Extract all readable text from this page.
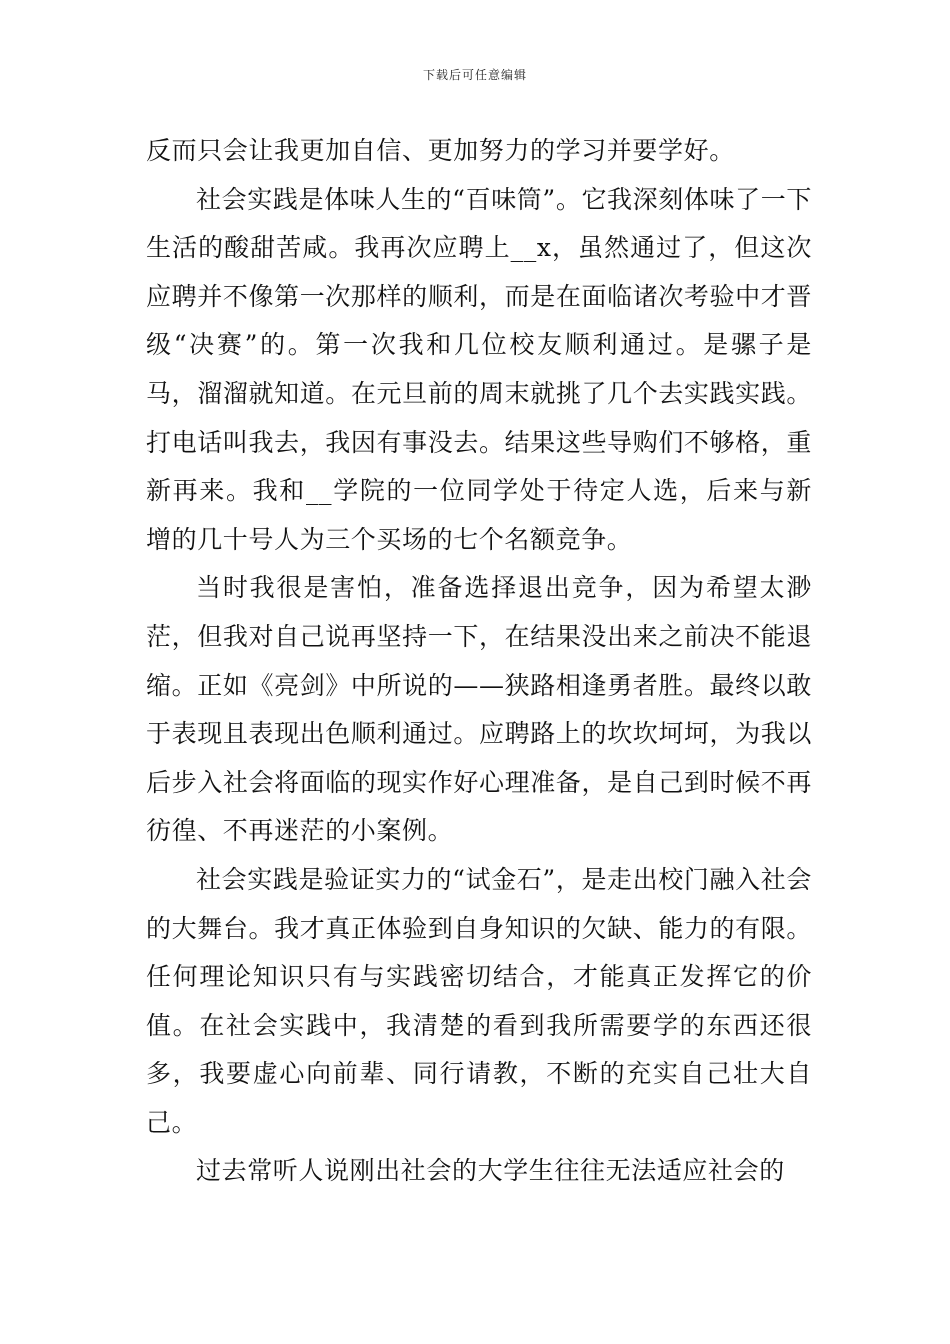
下载后可任意编辑

反而只会让我更加自信、更加努力的学习并要学好。

社会实践是体味人生的“百味筒”。它我深刻体味了一下生活的酸甜苦咸。我再次应聘上__x，虽然通过了，但这次应聘并不像第一次那样的顺利，而是在面临诸次考验中才晋级“决赛”的。第一次我和几位校友顺利通过。是骡子是马，溜溜就知道。在元旦前的周末就挑了几个去实践实践。打电话叫我去，我因有事没去。结果这些导购们不够格，重新再来。我和__学院的一位同学处于待定人选，后来与新增的几十号人为三个买场的七个名额竞争。

当时我很是害怕，准备选择退出竞争，因为希望太渺茫，但我对自己说再坚持一下，在结果没出来之前决不能退缩。正如《亮剑》中所说的——狭路相逢勇者胜。最终以敢于表现且表现出色顺利通过。应聘路上的坎坎坷坷，为我以后步入社会将面临的现实作好心理准备，是自己到时候不再彷徨、不再迷茫的小案例。

社会实践是验证实力的“试金石”，是走出校门融入社会的大舞台。我才真正体验到自身知识的欠缺、能力的有限。任何理论知识只有与实践密切结合，才能真正发挥它的价值。在社会实践中，我清楚的看到我所需要学的东西还很多，我要虚心向前辈、同行请教，不断的充实自己壮大自己。

过去常听人说刚出社会的大学生往往无法适应社会的
